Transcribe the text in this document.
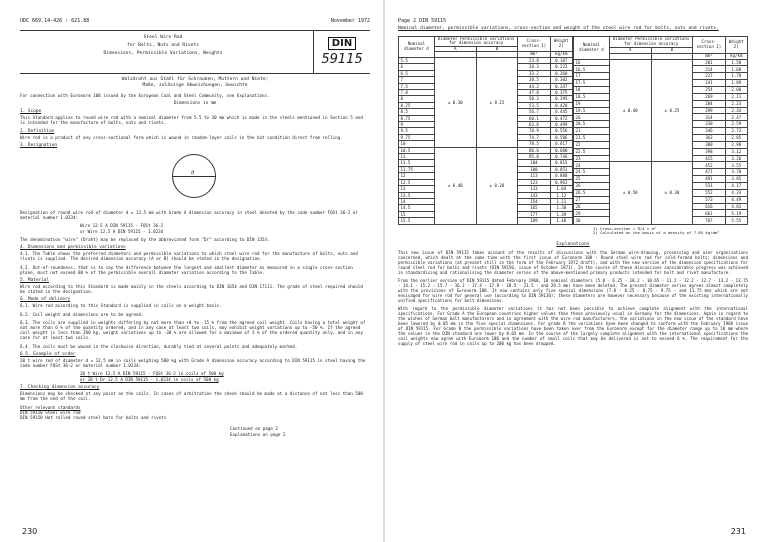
UDC 669.14-426 : 621.88	November 1972
Steel Wire Rod
for Bolts, Nuts and Rivets
Dimensions, Permissible Variations, Weights
DIN
59115
Walzdraht aus Stahl für Schrauben, Muttern und Niete;
Maße, zulässige Abweichungen, Gewichte

For connection with Euronorm 108 issued by the European Coal and Steel Community, see Explanations.

Dimensions in mm
1. Scope

This Standard applies to round wire rod with a nominal diameter from 5.5 to 30 mm which is made in the steels mentioned in Section 5 and is intended for the manufacture of bolts, nuts and rivets.

2. Definition

Wire rod is a product of any cross-sectional form which is wound in random-layer coils in the hot condition direct from rolling.

3. Designation
d

Designation of round wire rod of diameter d = 12.5 mm with Grade A dimension accuracy in steel denoted by the code number FQSt 36-2 or material number 1.0234:

Wire 12.5 A DIN 59115 - FQSt 36-2
or Wire 12.5 A DIN 59115 - 1.0234

The denomination "wire" (Draht) may be replaced by the abbreviated form "Dr" according to DIN 1353.

4. Dimensions and permissible variations

4.1. The Table shows the preferred diameters and permissible variations to which steel wire rod for the manufacture of bolts, nuts and rivets is supplied. The desired dimension accuracy (A or B) should be stated in the designation.

4.2. Out-of-roundness, that is to say the difference between the largest and smallest diameter as measured in a single cross-section plane, must not exceed 80 % of the permissible overall diameter variation according to the Table.

5. Material

Wire rod according to this Standard is made mainly in the steels according to DIN 1654 and DIN 17111. The grade of steel required should be stated in the designation.

6. Mode of delivery

6.1. Wire rod according to this Standard is supplied in coils on a weight basis.

6.2. Coil weight and dimensions are to be agreed.

6.3. The coils are supplied in weights differing by not more than +0 to -15 % from the agreed coil weight. Coils having a total weight of not more than 6 % of the quantity ordered, and in any case at least two coils, may exhibit weight variations up to -50 %. If the agreed coil weight is less than 200 kg, weight variations up to -30 % are allowed for a maximum of 3 % of the ordered quantity only, and in any case for at least two coils.

6.4. The coils must be wound in the clockwise direction, durably tied at several points and adequately marked.

6.5. Example of order

20 t wire rod of diameter d = 12.5 mm in coils weighing 500 kg with Grade A dimension accuracy according to DIN 59115 in steel having the code number FQSt 36-2 or material number 1.0234:

20 t Wire 12.5 A DIN 59115 - FQSt 36-2 in coils of 500 kg
or 20 t Dr 12.5 A DIN 59115 - 1.0234 in coils of 500 kg
7. Checking dimension accuracy

Dimensions may be checked at any point on the coils. In cases of arbitration the check should be made at a distance of not less than 500 mm from the end of the coil.

Other relevant standards
DIN 59110 Steel wire rod
DIN 59150 Hot rolled round steel bars for bolts and rivets
Continued on page 2
Explanations on page 2
230
Page 2 DIN 59115
Nominal diameter, permissible variations, cross-section and weight of the steel wire rod for bolts, nuts and rivets.
Nominal diameter d	Diameter Permissible variations for dimension accuracy		Cross-section 1)	Weight 2)
	A	B		
			mm²	kg/km
5.5	± 0.30	± 0.15	23.8	0.187
6			28.3	0.222
6.5			33.2	0.260
7			38.5	0.302
7.5			44.2	0.347
7.8			47.8	0.375
8			50.3	0.395
8.25			53.5	0.420
8.5			56.7	0.445
8.75			60.1	0.472
9			63.6	0.499
9.5			70.9	0.556
9.75			74.7	0.586
10			78.5	0.617
10.5	± 0.40	± 0.20	86.6	0.680
11			95.0	0.746
11.5			104	0.815
11.75			108	0.851
12			113	0.888
12.5			123	0.963
13			133	1.04
13.5			143	1.12
14			154	1.21
14.5			165	1.30
15			177	1.39
15.5			189	1.48
Nominal diameter d	Diameter Permissible variations for dimension accuracy		Cross-section 1)	Weight 2)
	A	B		
			mm²	kg/km
16	± 0.40	± 0.25	201	1.58
16.5			214	1.68
17			227	1.78
17.5			241	1.89
18			254	2.00
18.5			269	2.11
19			284	2.23
19.5			299	2.34
20			314	2.47
20.5			330	2.59
21			346	2.72
21.5			363	2.85
22			380	2.98
22.5			398	3.12
23			415	3.26
24	± 0.50	± 0.30	452	3.55
24.5			471	3.70
25			491	3.85
26			531	4.17
26.5			552	4.33
27			573	4.49
28			616	4.83
29			661	5.19
30			707	5.55
1) Cross-section = π/4 × d²
2) Calculated on the basis of a density of 7.85 kg/dm³
Explanations

This new issue of DIN 59115 takes account of the results of discussions with the German wire-drawing, processing and user organisations concerned, which dealt at the same time with the first issue of Euronorm 108 - Round steel wire rod for cold-formed bolts; dimensions and permissible variations (at present still in the form of the February 1972 draft), and with the new version of the dimension specifications for round steel rod for bolts and rivets (DIN 59150, issue of October 1971). In the course of these discussions considerable progress was achieved in standardising and rationalising the diameter series of the above-mentioned primary products intended for bolt and rivet manufacture.

From the earlier version of DIN 59115 dated February 1960, 18 nominal diameters (5.0 - 6.25 - 10.2 - 10.65 - 11.2 - 12.2 - 12.7 - 13.2 - 13.75 - 14.1 - 15.2 - 15.7 - 16.2 - 17.4 - 17.8 - 18.5 - 21.5 - and 29.5 mm) have been deleted. The present diameter series agrees almost completely with the provisions of Euronorm 108. It now contains only five special dimensions (7.8 - 8.25 - 8.75 - 9.75 - and 11.75 mm) which are not envisaged for wire rod for general use (according to DIN 59110); these diameters are however necessary because of the existing internationally unified specifications for bolt dimensions.

With regard to the permissible diameter variations it has not been possible to achieve complete alignment with the international specifications. For Grade A the European countries higher values than those previously usual in Germany for the dimensions. Again in regard to the wishes of German bolt manufacturers and in agreement with the wire rod manufacturers, the variations in the new issue of the standard have been lowered by 0.05 mm in the five special dimensions. For grade B the variations have been changed to conform with the February 1960 issue of DIN 59115. For Grade B the permissible variations have been taken over from the Euronorm except for the diameter range up to 10 mm where the values in the DIN standard are lower by 0.05 mm. In the course of the largely complete alignment with the international specifications the coil weights now agree with Euronorm 108 and the number of small coils that may be delivered is not to exceed 6 %. The requirement for the supply of steel wire rod in coils up to 200 kg has been dropped.

231
